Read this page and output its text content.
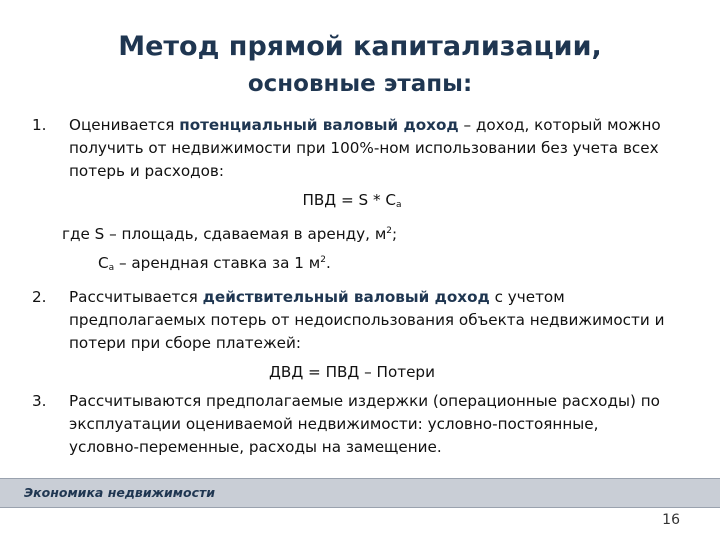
Метод прямой капитализации,
основные этапы:
1. Оценивается потенциальный валовый доход – доход, который можно получить от недвижимости при 100%-ном использовании без учета всех потерь и расходов:
ПВД = S * $C_а$
где S – площадь, сдаваемая в аренду, $м^2$;
$C_а$ – арендная ставка за 1 $м^2$.
2. Рассчитывается действительный валовый доход с учетом предполагаемых потерь от недоиспользования объекта недвижимости и потери при сборе платежей:
ДВД = ПВД – Потери
3. Рассчитываются предполагаемые издержки (операционные расходы) по эксплуатации оцениваемой недвижимости: условно-постоянные, условно-переменные, расходы на замещение.
Экономика недвижимости
16
